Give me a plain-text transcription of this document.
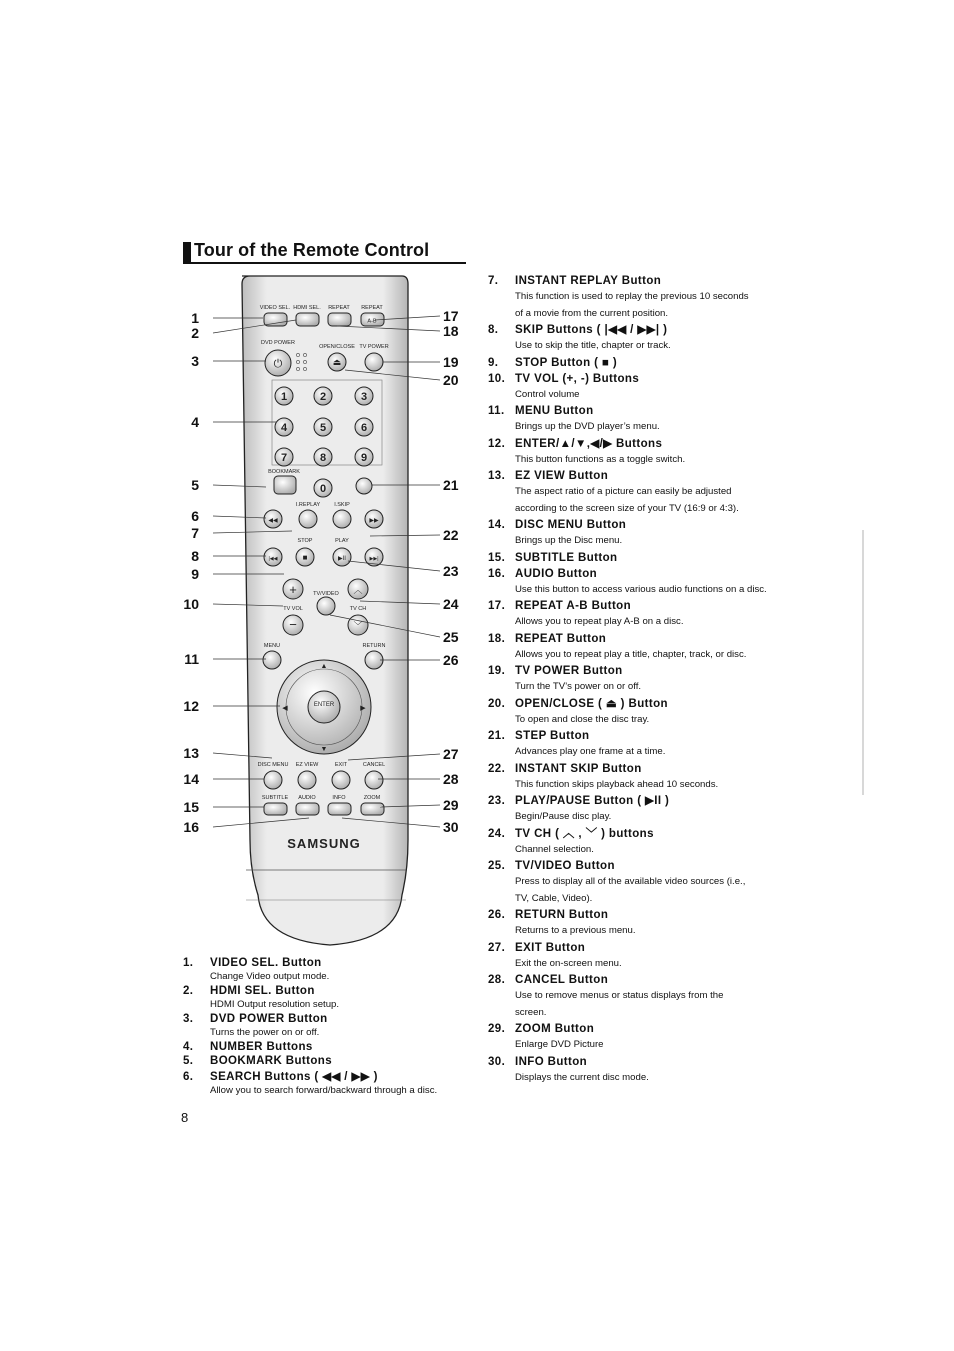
Tour of the Remote Control
VIDEO SEL. HDMI SEL. REPEAT REPEAT
A-B
DVD POWER
⏻
OPEN/CLOSE
⏏
TV POWER
1	2	3
4	5	6
7	8	9
0
BOOKMARK
I.REPLAY	I.SKIP
◀◀	▶▶
STOP	PLAY
|◀◀	■	▶II	▶▶|
+
−
TV VOL
︿
﹀
TV CH
TV/VIDEO
MENU	RETURN
ENTER
▲
▼
◀	▶
DISC MENU EZ VIEW	EXIT	CANCEL
SUBTITLE AUDIO	INFO	ZOOM
SAMSUNG
1
2
3
4
5
6
7
8
9
10
11
12
13
14
15
16
17
18
19
20
21
22
23
24
25
26
27
28
29
30
1. VIDEO SEL. Button
Change Video output mode.
2. HDMI SEL. Button
HDMI Output resolution setup.
3. DVD POWER Button
Turns the power on or off.
4. NUMBER Buttons
5. BOOKMARK Buttons
6. SEARCH Buttons ( ◀◀ / ▶▶ )
Allow you to search forward/backward through a disc.
7. INSTANT REPLAY Button
This function is used to replay the previous 10 seconds
of a movie from the current position.
8. SKIP Buttons ( |◀◀ / ▶▶| )
Use to skip the title, chapter or track.
9. STOP Button ( ■ )
10. TV VOL (+, -) Buttons
Control volume
11. MENU Button
Brings up the DVD player’s menu.
12. ENTER/▲/▼,◀/▶ Buttons
This button functions as a toggle switch.
13. EZ VIEW Button
The aspect ratio of a picture can easily be adjusted
according to the screen size of your TV (16:9 or 4:3).
14. DISC MENU Button
Brings up the Disc menu.
15. SUBTITLE Button
16. AUDIO Button
Use this button to access various audio functions on a disc.
17. REPEAT A-B Button
Allows you to repeat play A-B on a disc.
18. REPEAT Button
Allows you to repeat play a title, chapter, track, or disc.
19. TV POWER Button
Turn the TV’s power on or off.
20. OPEN/CLOSE ( ⏏ ) Button
To open and close the disc tray.
21. STEP Button
Advances play one frame at a time.
22. INSTANT SKIP Button
This function skips playback ahead 10 seconds.
23. PLAY/PAUSE Button ( ▶II )
Begin/Pause disc play.
24. TV CH ( ︿ , ﹀ ) buttons
Channel selection.
25. TV/VIDEO Button
Press to display all of the available video sources (i.e.,
TV, Cable, Video).
26. RETURN Button
Returns to a previous menu.
27. EXIT Button
Exit the on-screen menu.
28. CANCEL Button
Use to remove menus or status displays from the
screen.
29. ZOOM Button
Enlarge DVD Picture
30. INFO Button
Displays the current disc mode.
8
